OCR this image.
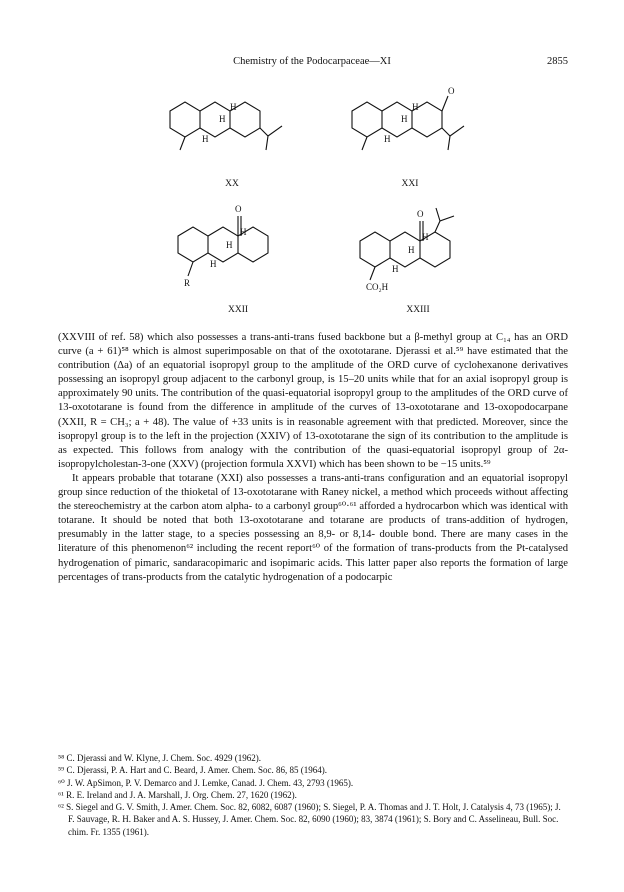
Chemistry of the Podocarpaceae—XI	2855
H
H
H
XX
O
H
H
H
XXI
O
H
H
H
R
XXII
O
H
H
H
CO₂H
XXIII

(XXVIII of ref. 58) which also possesses a trans-anti-trans fused backbone but a β-methyl group at C₁₄ has an ORD curve (a + 61)⁵⁸ which is almost superimposable on that of the oxototarane. Djerassi et al.⁵⁹ have estimated that the contribution (Δa) of an equatorial isopropyl group to the amplitude of the ORD curve of cyclohexanone derivatives possessing an isopropyl group adjacent to the carbonyl group, is 15–20 units while that for an axial isopropyl group is approximately 90 units. The contribution of the quasi-equatorial isopropyl group to the amplitudes of the ORD curve of 13-oxototarane is found from the difference in amplitude of the curves of 13-oxototarane and 13-oxopodocarpane (XXII, R = CH₃; a + 48). The value of +33 units is in reasonable agreement with that predicted. Moreover, since the isopropyl group is to the left in the projection (XXIV) of 13-oxototarane the sign of its contribution to the amplitude is as expected. This follows from analogy with the contribution of the quasi-equatorial isopropyl group of 2α-isopropylcholestan-3-one (XXV) (projection formula XXVI) which has been shown to be −15 units.⁵⁹

It appears probable that totarane (XXI) also possesses a trans-anti-trans configuration and an equatorial isopropyl group since reduction of the thioketal of 13-oxototarane with Raney nickel, a method which proceeds without affecting the stereochemistry at the carbon atom alpha- to a carbonyl group⁶⁰·⁶¹ afforded a hydrocarbon which was identical with totarane. It should be noted that both 13-oxototarane and totarane are products of trans-addition of hydrogen, presumably in the latter stage, to a species possessing an 8,9- or 8,14- double bond. There are many cases in the literature of this phenomenon⁶² including the recent report⁶⁰ of the formation of trans-products from the Pt-catalysed hydrogenation of pimaric, sandaracopimaric and isopimaric acids. This latter paper also reports the formation of large percentages of trans-products from the catalytic hydrogenation of a podocarpic

⁵⁸ C. Djerassi and W. Klyne, J. Chem. Soc. 4929 (1962).

⁵⁹ C. Djerassi, P. A. Hart and C. Beard, J. Amer. Chem. Soc. 86, 85 (1964).

⁶⁰ J. W. ApSimon, P. V. Demarco and J. Lemke, Canad. J. Chem. 43, 2793 (1965).

⁶¹ R. E. Ireland and J. A. Marshall, J. Org. Chem. 27, 1620 (1962).

⁶² S. Siegel and G. V. Smith, J. Amer. Chem. Soc. 82, 6082, 6087 (1960); S. Siegel, P. A. Thomas and J. T. Holt, J. Catalysis 4, 73 (1965); J. F. Sauvage, R. H. Baker and A. S. Hussey, J. Amer. Chem. Soc. 82, 6090 (1960); 83, 3874 (1961); S. Bory and C. Asselineau, Bull. Soc. chim. Fr. 1355 (1961).
